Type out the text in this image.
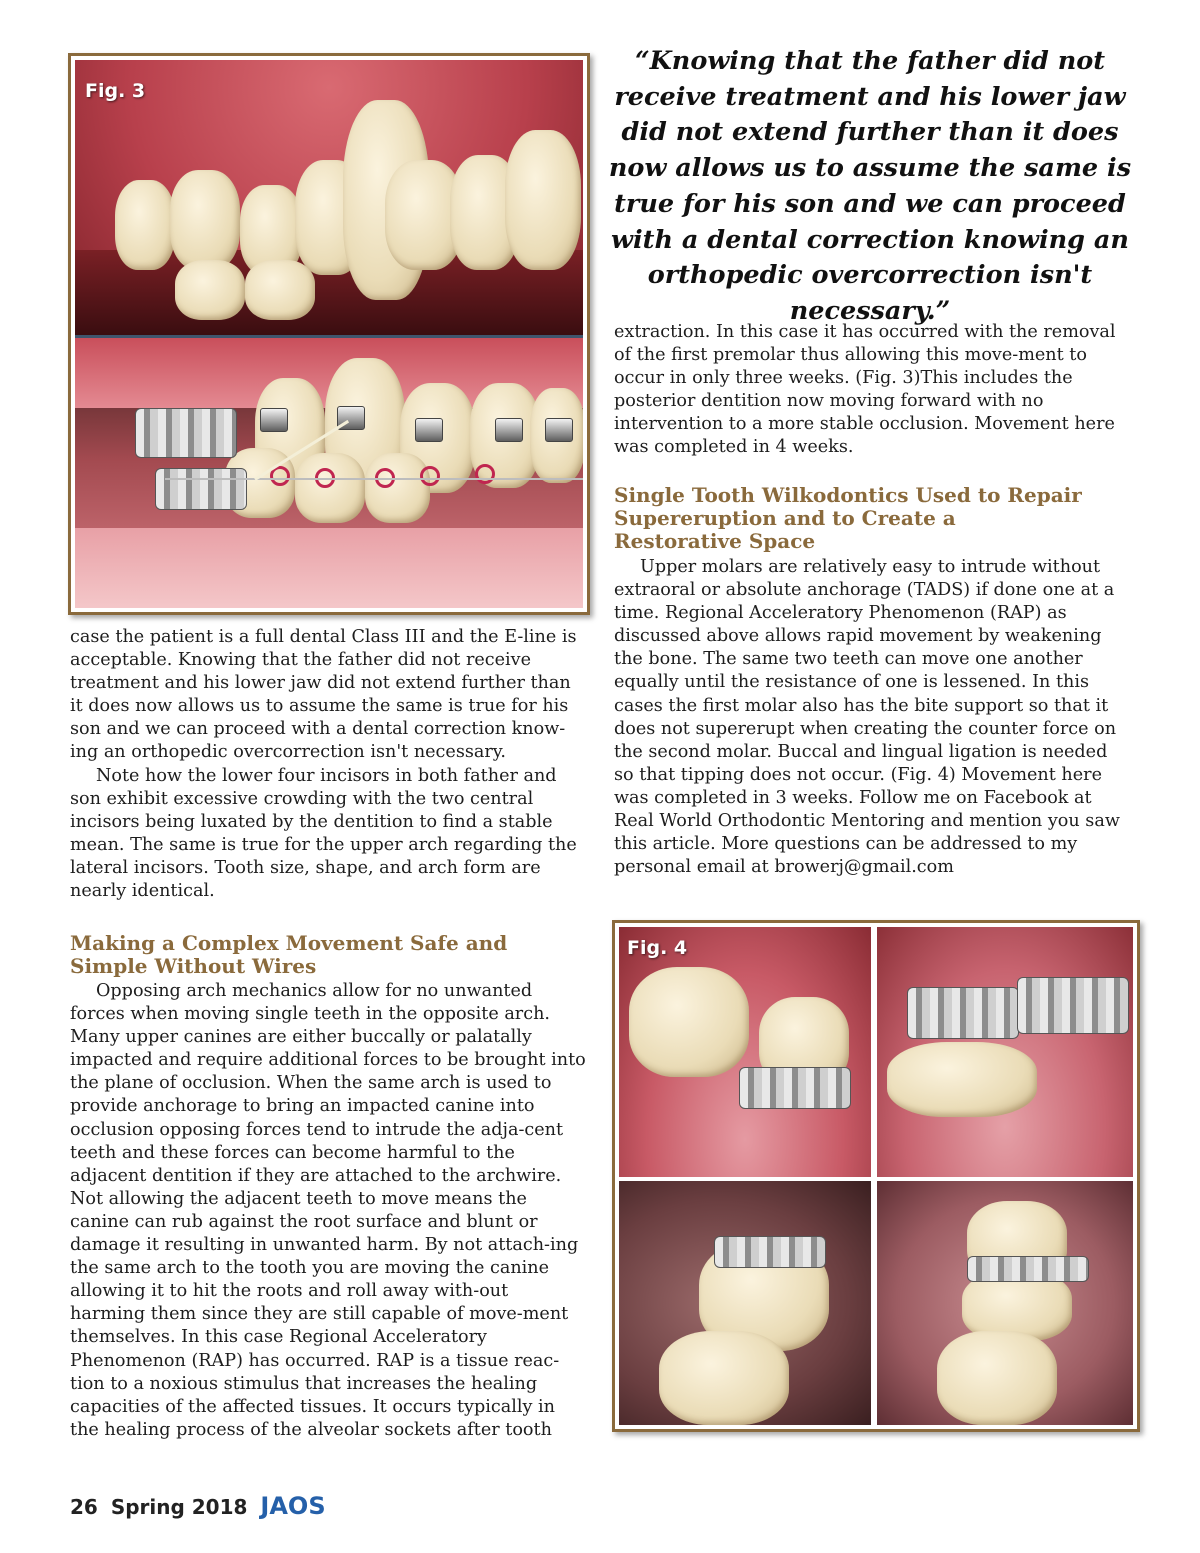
Fig. 3
“Knowing that the father did not receive treatment and his lower jaw did not extend further than it does now allows us to assume the same is true for his son and we can proceed with a dental correction knowing an orthopedic overcorrection isn't necessary.”

case the patient is a full dental Class III and the E-line is acceptable. Knowing that the father did not receive treatment and his lower jaw did not extend further than it does now allows us to assume the same is true for his son and we can proceed with a dental correction know-ing an orthopedic overcorrection isn't necessary.

Note how the lower four incisors in both father and son exhibit excessive crowding with the two central incisors being luxated by the dentition to find a stable mean. The same is true for the upper arch regarding the lateral incisors. Tooth size, shape, and arch form are nearly identical.

Making a Complex Movement Safe and Simple Without Wires

Opposing arch mechanics allow for no unwanted forces when moving single teeth in the opposite arch. Many upper canines are either buccally or palatally impacted and require additional forces to be brought into the plane of occlusion. When the same arch is used to provide anchorage to bring an impacted canine into occlusion opposing forces tend to intrude the adja-cent teeth and these forces can become harmful to the adjacent dentition if they are attached to the archwire. Not allowing the adjacent teeth to move means the canine can rub against the root surface and blunt or damage it resulting in unwanted harm. By not attach-ing the same arch to the tooth you are moving the canine allowing it to hit the roots and roll away with-out harming them since they are still capable of move-ment themselves. In this case Regional Acceleratory Phenomenon (RAP) has occurred. RAP is a tissue reac-tion to a noxious stimulus that increases the healing capacities of the affected tissues. It occurs typically in the healing process of the alveolar sockets after tooth

extraction. In this case it has occurred with the removal of the first premolar thus allowing this move-ment to occur in only three weeks. (Fig. 3)This includes the posterior dentition now moving forward with no intervention to a more stable occlusion. Movement here was completed in 4 weeks.

Single Tooth Wilkodontics Used to Repair Supereruption and to Create a Restorative Space

Upper molars are relatively easy to intrude without extraoral or absolute anchorage (TADS) if done one at a time. Regional Acceleratory Phenomenon (RAP) as discussed above allows rapid movement by weakening the bone. The same two teeth can move one another equally until the resistance of one is lessened. In this cases the first molar also has the bite support so that it does not supererupt when creating the counter force on the second molar. Buccal and lingual ligation is needed so that tipping does not occur. (Fig. 4) Movement here was completed in 3 weeks. Follow me on Facebook at Real World Orthodontic Mentoring and mention you saw this article. More questions can be addressed to my personal email at browerj@gmail.com

Fig. 4
26 Spring 2018 JAOS
